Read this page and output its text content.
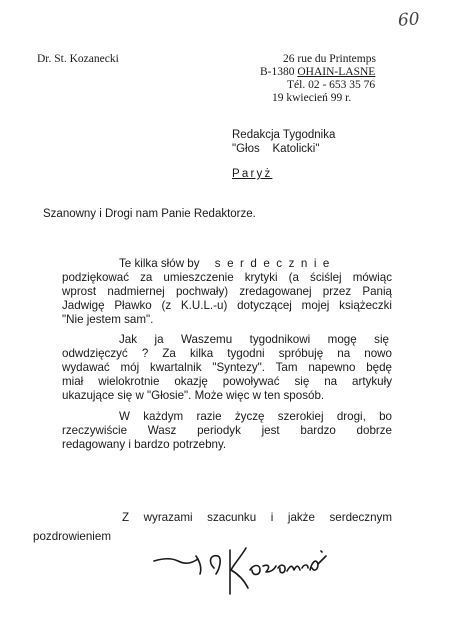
60
Dr. St. Kozanecki	26 rue du Printemps
B-1380 OHAIN-LASNE
Tél. 02 - 653 35 76
19 kwiecień 99 r.
Redakcja Tygodnika
"Głos    Katolicki"
Paryż
Szanowny i Drogi nam Panie Redaktorze.
Te kilka słów by serdecznie
podziękować za umieszczenie krytyki (a ściślej mówiąc
wprost nadmiernej pochwały) zredagowanej przez Panią
Jadwigę Pławko (z K.U.L.-u) dotyczącej mojej książeczki
"Nie jestem sam".
Jak ja Waszemu tygodnikowi mogę się
odwdzięczyć ? Za kilka tygodni spróbuję na nowo
wydawać mój kwartalnik "Syntezy". Tam napewno będę
miał wielokrotnie okazję powoływać się na artykuły
ukazujące się w "Głosie". Może więc w ten sposób.
W każdym razie życzę szerokiej drogi, bo
rzeczywiście Wasz periodyk jest bardzo dobrze
redagowany i bardzo potrzebny.
Z wyrazami szacunku i jakże serdecznym
pozdrowieniem
